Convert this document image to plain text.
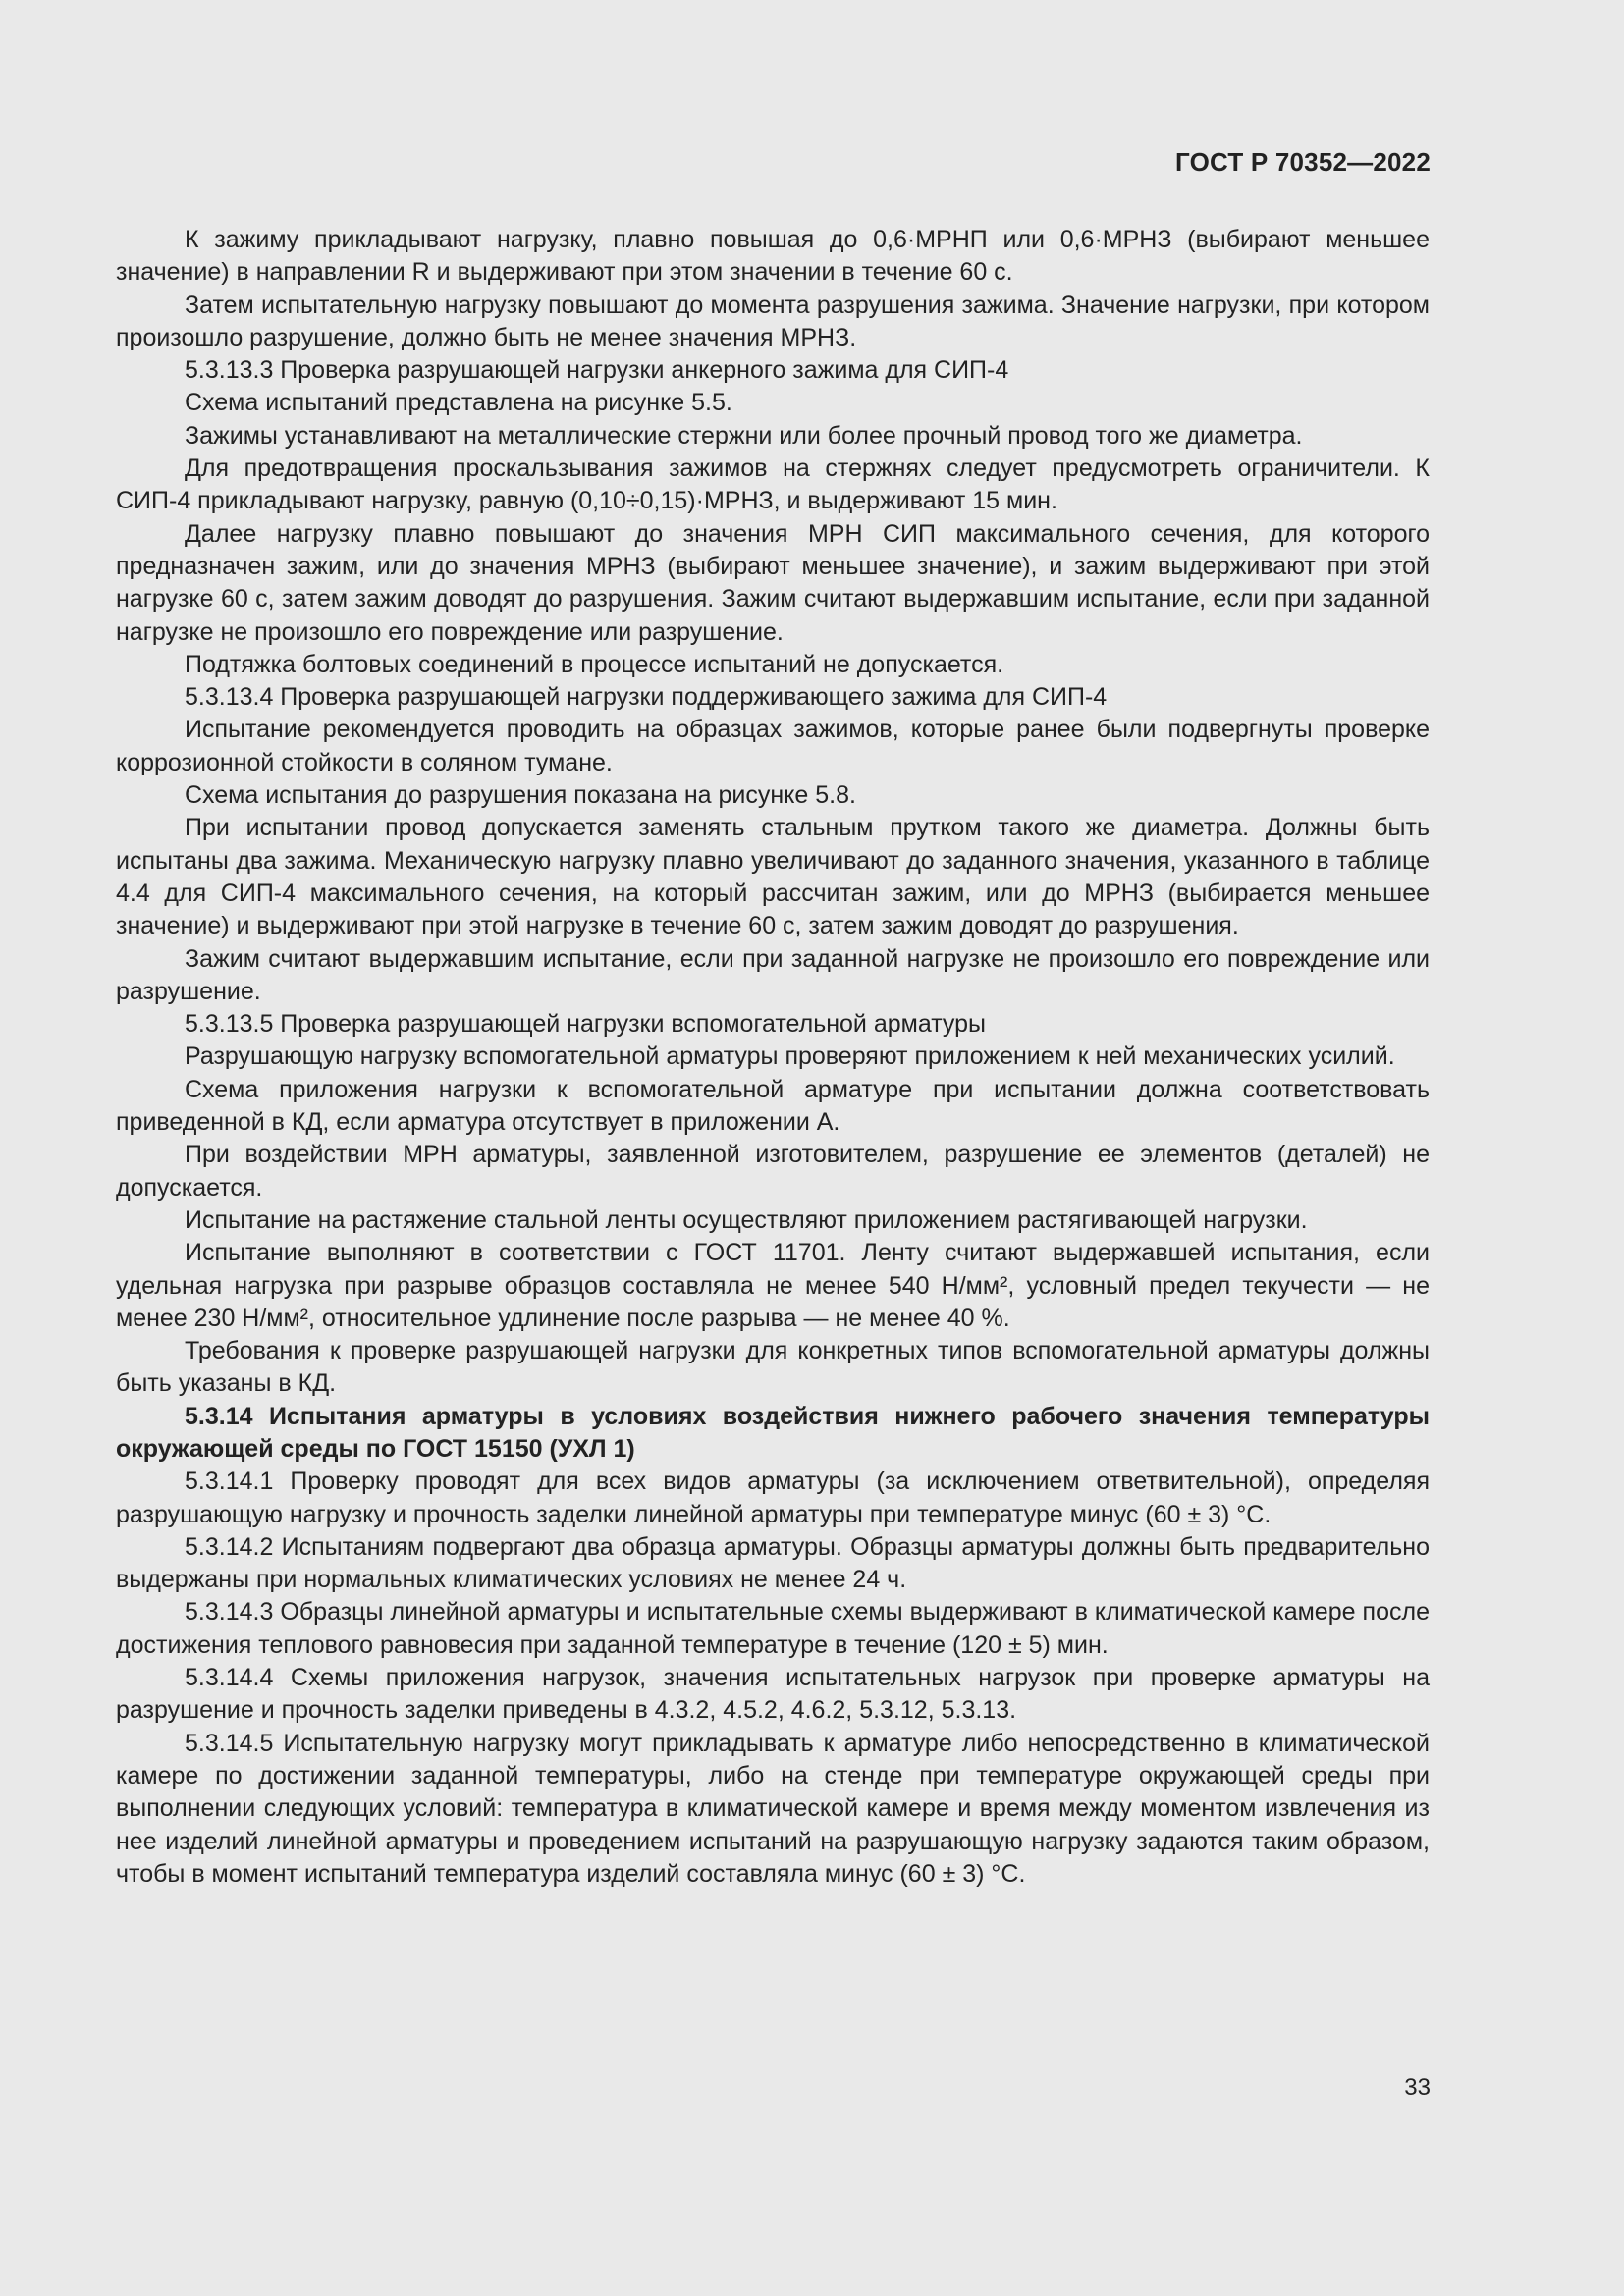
ГОСТ Р 70352—2022

К зажиму прикладывают нагрузку, плавно повышая до 0,6·МРНП или 0,6·МРНЗ (выбирают меньшее значение) в направлении R и выдерживают при этом значении в течение 60 с.

Затем испытательную нагрузку повышают до момента разрушения зажима. Значение нагрузки, при котором произошло разрушение, должно быть не менее значения МРНЗ.

5.3.13.3 Проверка разрушающей нагрузки анкерного зажима для СИП-4

Схема испытаний представлена на рисунке 5.5.

Зажимы устанавливают на металлические стержни или более прочный провод того же диаметра.

Для предотвращения проскальзывания зажимов на стержнях следует предусмотреть ограничители. К СИП-4 прикладывают нагрузку, равную (0,10÷0,15)·МРНЗ, и выдерживают 15 мин.

Далее нагрузку плавно повышают до значения МРН СИП максимального сечения, для которого предназначен зажим, или до значения МРНЗ (выбирают меньшее значение), и зажим выдерживают при этой нагрузке 60 с, затем зажим доводят до разрушения. Зажим считают выдержавшим испытание, если при заданной нагрузке не произошло его повреждение или разрушение.

Подтяжка болтовых соединений в процессе испытаний не допускается.

5.3.13.4 Проверка разрушающей нагрузки поддерживающего зажима для СИП-4

Испытание рекомендуется проводить на образцах зажимов, которые ранее были подвергнуты проверке коррозионной стойкости в соляном тумане.

Схема испытания до разрушения показана на рисунке 5.8.

При испытании провод допускается заменять стальным прутком такого же диаметра. Должны быть испытаны два зажима. Механическую нагрузку плавно увеличивают до заданного значения, указанного в таблице 4.4 для СИП-4 максимального сечения, на который рассчитан зажим, или до МРНЗ (выбирается меньшее значение) и выдерживают при этой нагрузке в течение 60 с, затем зажим доводят до разрушения.

Зажим считают выдержавшим испытание, если при заданной нагрузке не произошло его повреждение или разрушение.

5.3.13.5 Проверка разрушающей нагрузки вспомогательной арматуры

Разрушающую нагрузку вспомогательной арматуры проверяют приложением к ней механических усилий.

Схема приложения нагрузки к вспомогательной арматуре при испытании должна соответствовать приведенной в КД, если арматура отсутствует в приложении А.

При воздействии МРН арматуры, заявленной изготовителем, разрушение ее элементов (деталей) не допускается.

Испытание на растяжение стальной ленты осуществляют приложением растягивающей нагрузки.

Испытание выполняют в соответствии с ГОСТ 11701. Ленту считают выдержавшей испытания, если удельная нагрузка при разрыве образцов составляла не менее 540 Н/мм², условный предел текучести — не менее 230 Н/мм², относительное удлинение после разрыва — не менее 40 %.

Требования к проверке разрушающей нагрузки для конкретных типов вспомогательной арматуры должны быть указаны в КД.

5.3.14 Испытания арматуры в условиях воздействия нижнего рабочего значения температуры окружающей среды по ГОСТ 15150 (УХЛ 1)

5.3.14.1 Проверку проводят для всех видов арматуры (за исключением ответвительной), определяя разрушающую нагрузку и прочность заделки линейной арматуры при температуре минус (60 ± 3) °С.

5.3.14.2 Испытаниям подвергают два образца арматуры. Образцы арматуры должны быть предварительно выдержаны при нормальных климатических условиях не менее 24 ч.

5.3.14.3 Образцы линейной арматуры и испытательные схемы выдерживают в климатической камере после достижения теплового равновесия при заданной температуре в течение (120 ± 5) мин.

5.3.14.4 Схемы приложения нагрузок, значения испытательных нагрузок при проверке арматуры на разрушение и прочность заделки приведены в 4.3.2, 4.5.2, 4.6.2, 5.3.12, 5.3.13.

5.3.14.5 Испытательную нагрузку могут прикладывать к арматуре либо непосредственно в климатической камере по достижении заданной температуры, либо на стенде при температуре окружающей среды при выполнении следующих условий: температура в климатической камере и время между моментом извлечения из нее изделий линейной арматуры и проведением испытаний на разрушающую нагрузку задаются таким образом, чтобы в момент испытаний температура изделий составляла минус (60 ± 3) °С.

33
